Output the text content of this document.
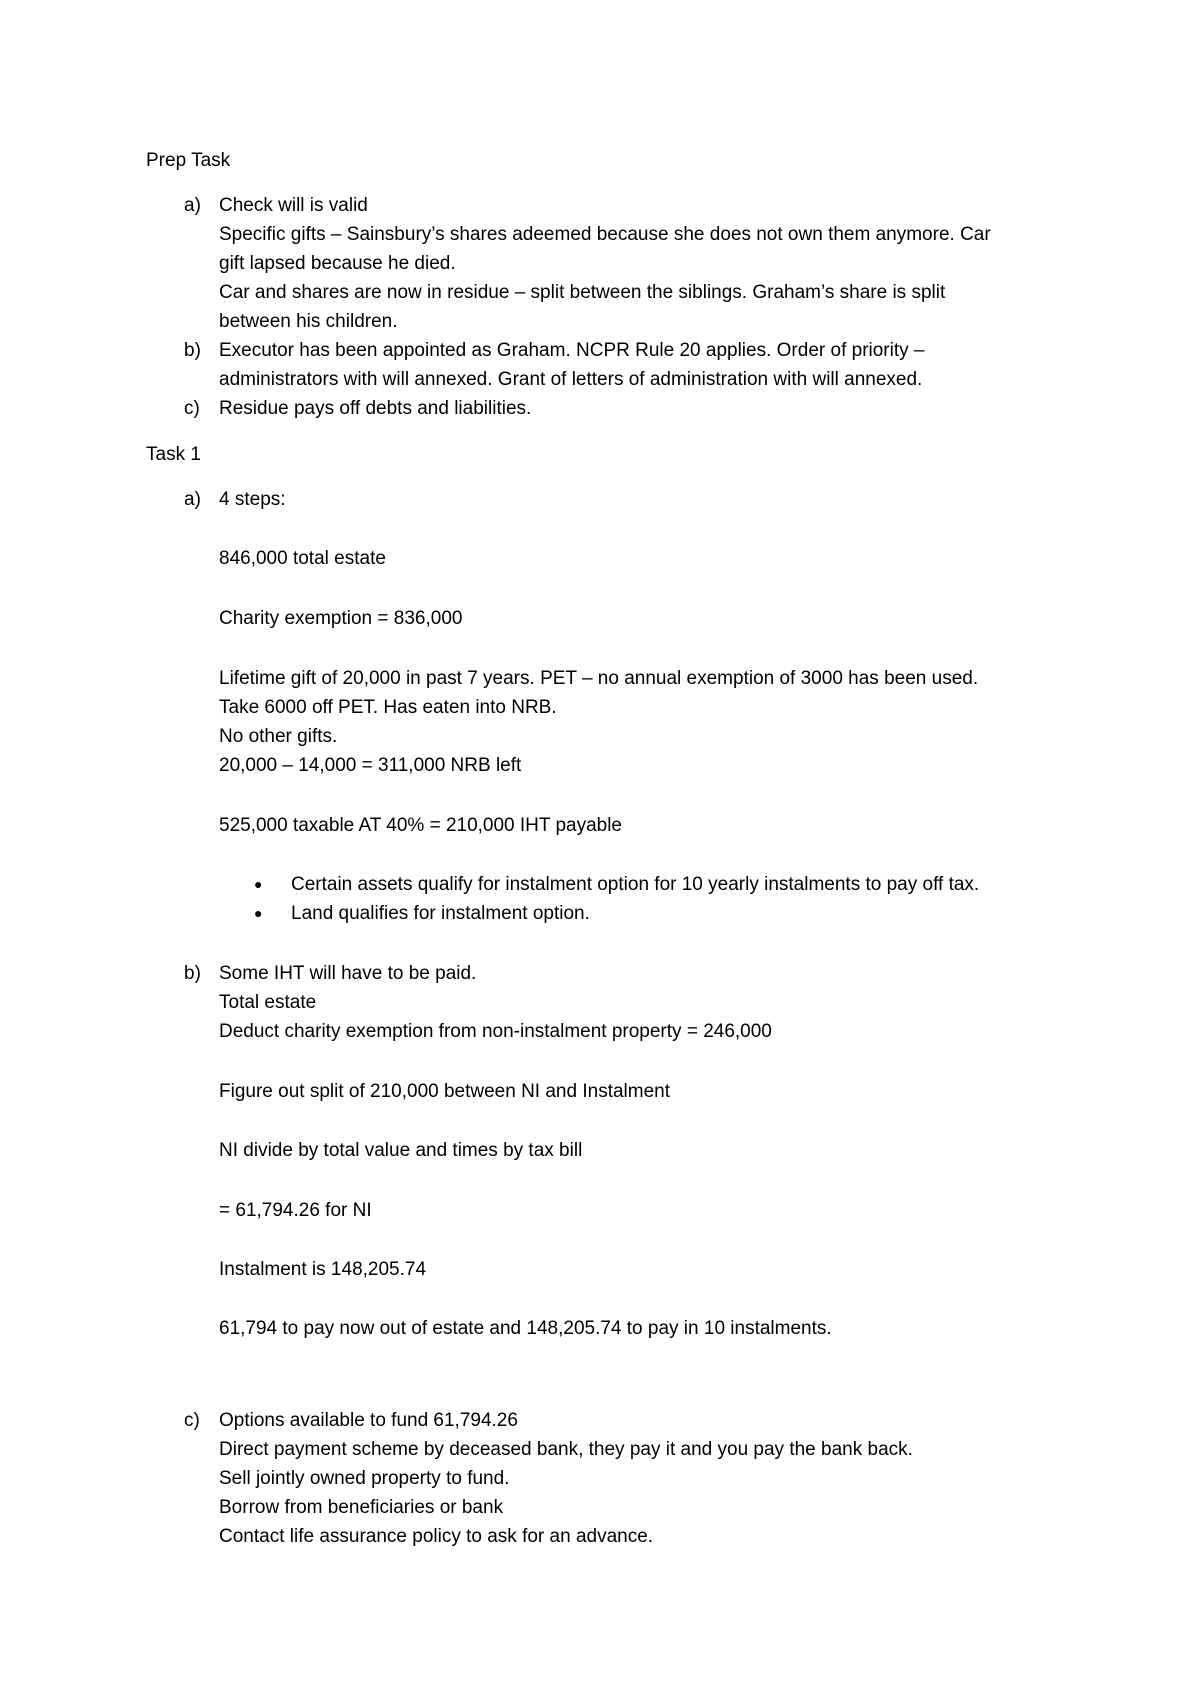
Prep Task
a) Check will is valid
Specific gifts – Sainsbury’s shares adeemed because she does not own them anymore. Car
gift lapsed because he died.
Car and shares are now in residue – split between the siblings. Graham’s share is split
between his children.
b) Executor has been appointed as Graham. NCPR Rule 20 applies. Order of priority –
administrators with will annexed. Grant of letters of administration with will annexed.
c) Residue pays off debts and liabilities.
Task 1
a) 4 steps:
846,000 total estate
Charity exemption = 836,000
Lifetime gift of 20,000 in past 7 years. PET – no annual exemption of 3000 has been used.
Take 6000 off PET. Has eaten into NRB.
No other gifts.
20,000 – 14,000 = 311,000 NRB left
525,000 taxable AT 40% = 210,000 IHT payable
● Certain assets qualify for instalment option for 10 yearly instalments to pay off tax.
● Land qualifies for instalment option.
b) Some IHT will have to be paid.
Total estate
Deduct charity exemption from non-instalment property = 246,000
Figure out split of 210,000 between NI and Instalment
NI divide by total value and times by tax bill
= 61,794.26 for NI
Instalment is 148,205.74
61,794 to pay now out of estate and 148,205.74 to pay in 10 instalments.
c) Options available to fund 61,794.26
Direct payment scheme by deceased bank, they pay it and you pay the bank back.
Sell jointly owned property to fund.
Borrow from beneficiaries or bank
Contact life assurance policy to ask for an advance.
